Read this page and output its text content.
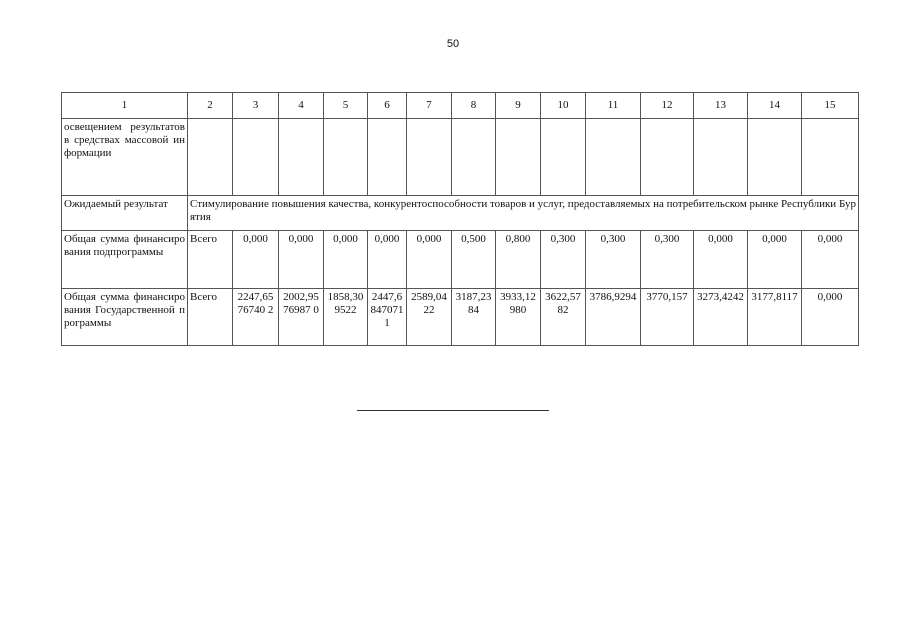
50
1	2	3	4	5	6	7	8	9	10	11	12	13	14	15
освещением результатов в средствах массовой информации														
Ожидаемый результат	Стимулирование повышения качества, конкурентоспособности товаров и услуг, предоставляемых на потребительском рынке Республики Бурятия													
Общая сумма финансирования подпрограммы	Всего	0,000	0,000	0,000	0,000	0,000	0,500	0,800	0,300	0,300	0,300	0,000	0,000	0,000
Общая сумма финансирования Государственной программы	Всего	2247,6576740 2	2002,9576987 0	1858,309522	2447,68470711	2589,0422	3187,2384	3933,12980	3622,5782	3786,9294	3770,157	3273,4242	3177,8117	0,000
